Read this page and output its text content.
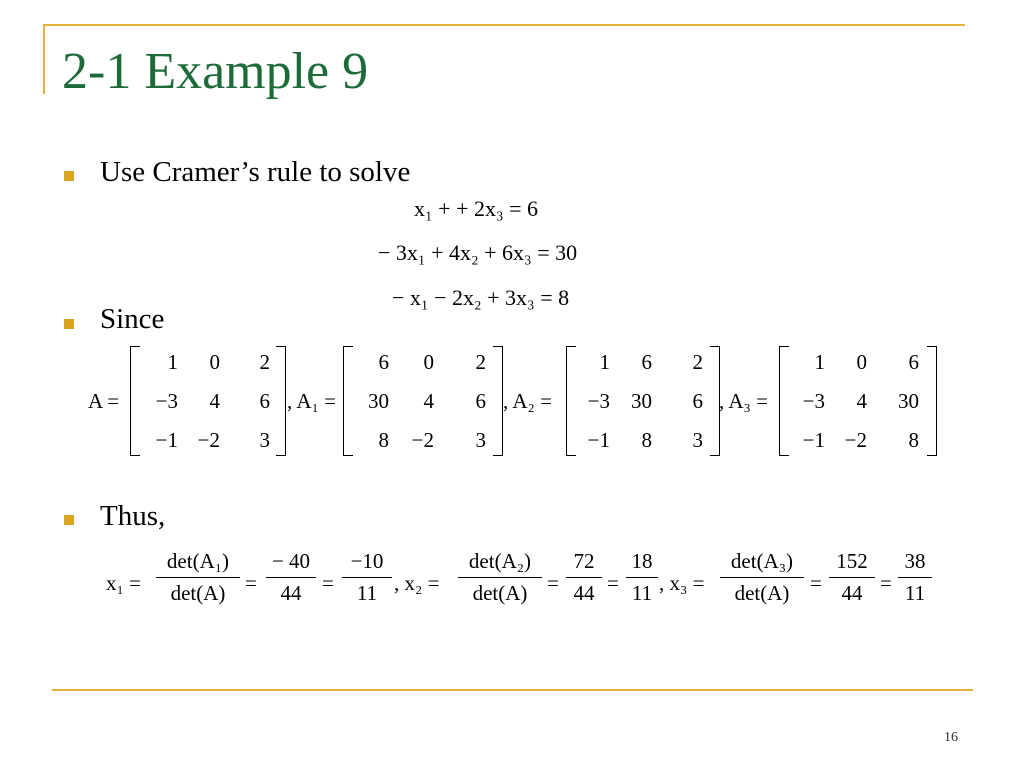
2-1 Example 9
Use Cramer’s rule to solve
x₁ + + 2x₃ = 6
− 3x₁ + 4x₂ + 6x₃ = 30
− x₁ − 2x₂ + 3x₃ = 8
Since
A =
1	0	2
−3	4	6
−1 −2	3
, A₁ =
6	0	2
30	4	6
8	−2	3
, A₂ =
1	6	2
−3	30	6
−1	8	3
, A₃ =
1	0	6
−3	4	30
−1 −2	8
Thus,
x₁ =
det(A₁)
$\det(A) = \frac{- 40}{44} = \frac{-10}{11}$ , x₂ =
det(A₂)
$\det(A) = \frac{72}{44} = \frac{18}{11}$ , x₃ =
det(A₃)
$\det(A) = \frac{152}{44} = \frac{38}{11}$
16
